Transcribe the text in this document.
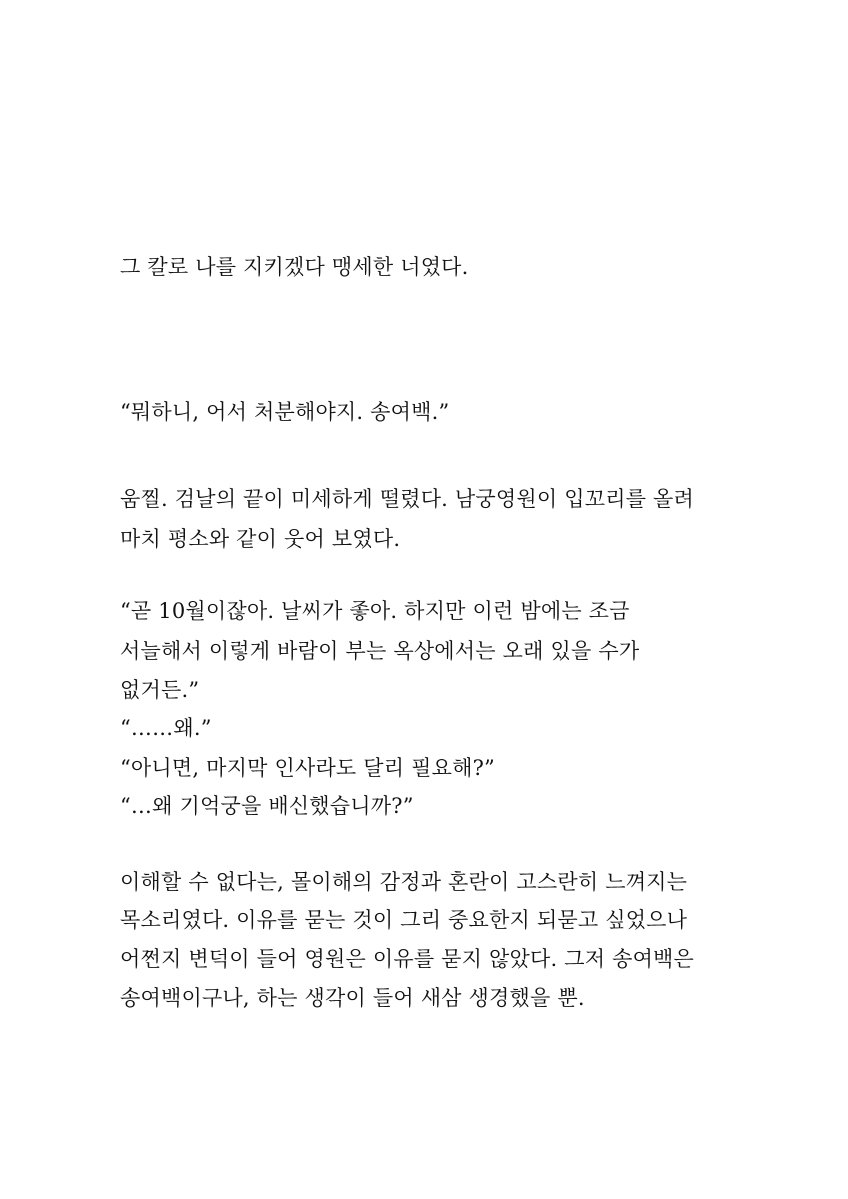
그 칼로 나를 지키겠다 맹세한 너였다.
“뭐하니, 어서 처분해야지. 송여백.”
움찔. 검날의 끝이 미세하게 떨렸다. 남궁영원이 입꼬리를 올려
마치 평소와 같이 웃어 보였다.
“곧 10월이잖아. 날씨가 좋아. 하지만 이런 밤에는 조금
서늘해서 이렇게 바람이 부는 옥상에서는 오래 있을 수가
없거든.”
“……왜.”
“아니면, 마지막 인사라도 달리 필요해?”
“…왜 기억궁을 배신했습니까?”
이해할 수 없다는, 몰이해의 감정과 혼란이 고스란히 느껴지는
목소리였다. 이유를 묻는 것이 그리 중요한지 되묻고 싶었으나
어쩐지 변덕이 들어 영원은 이유를 묻지 않았다. 그저 송여백은
송여백이구나, 하는 생각이 들어 새삼 생경했을 뿐.
